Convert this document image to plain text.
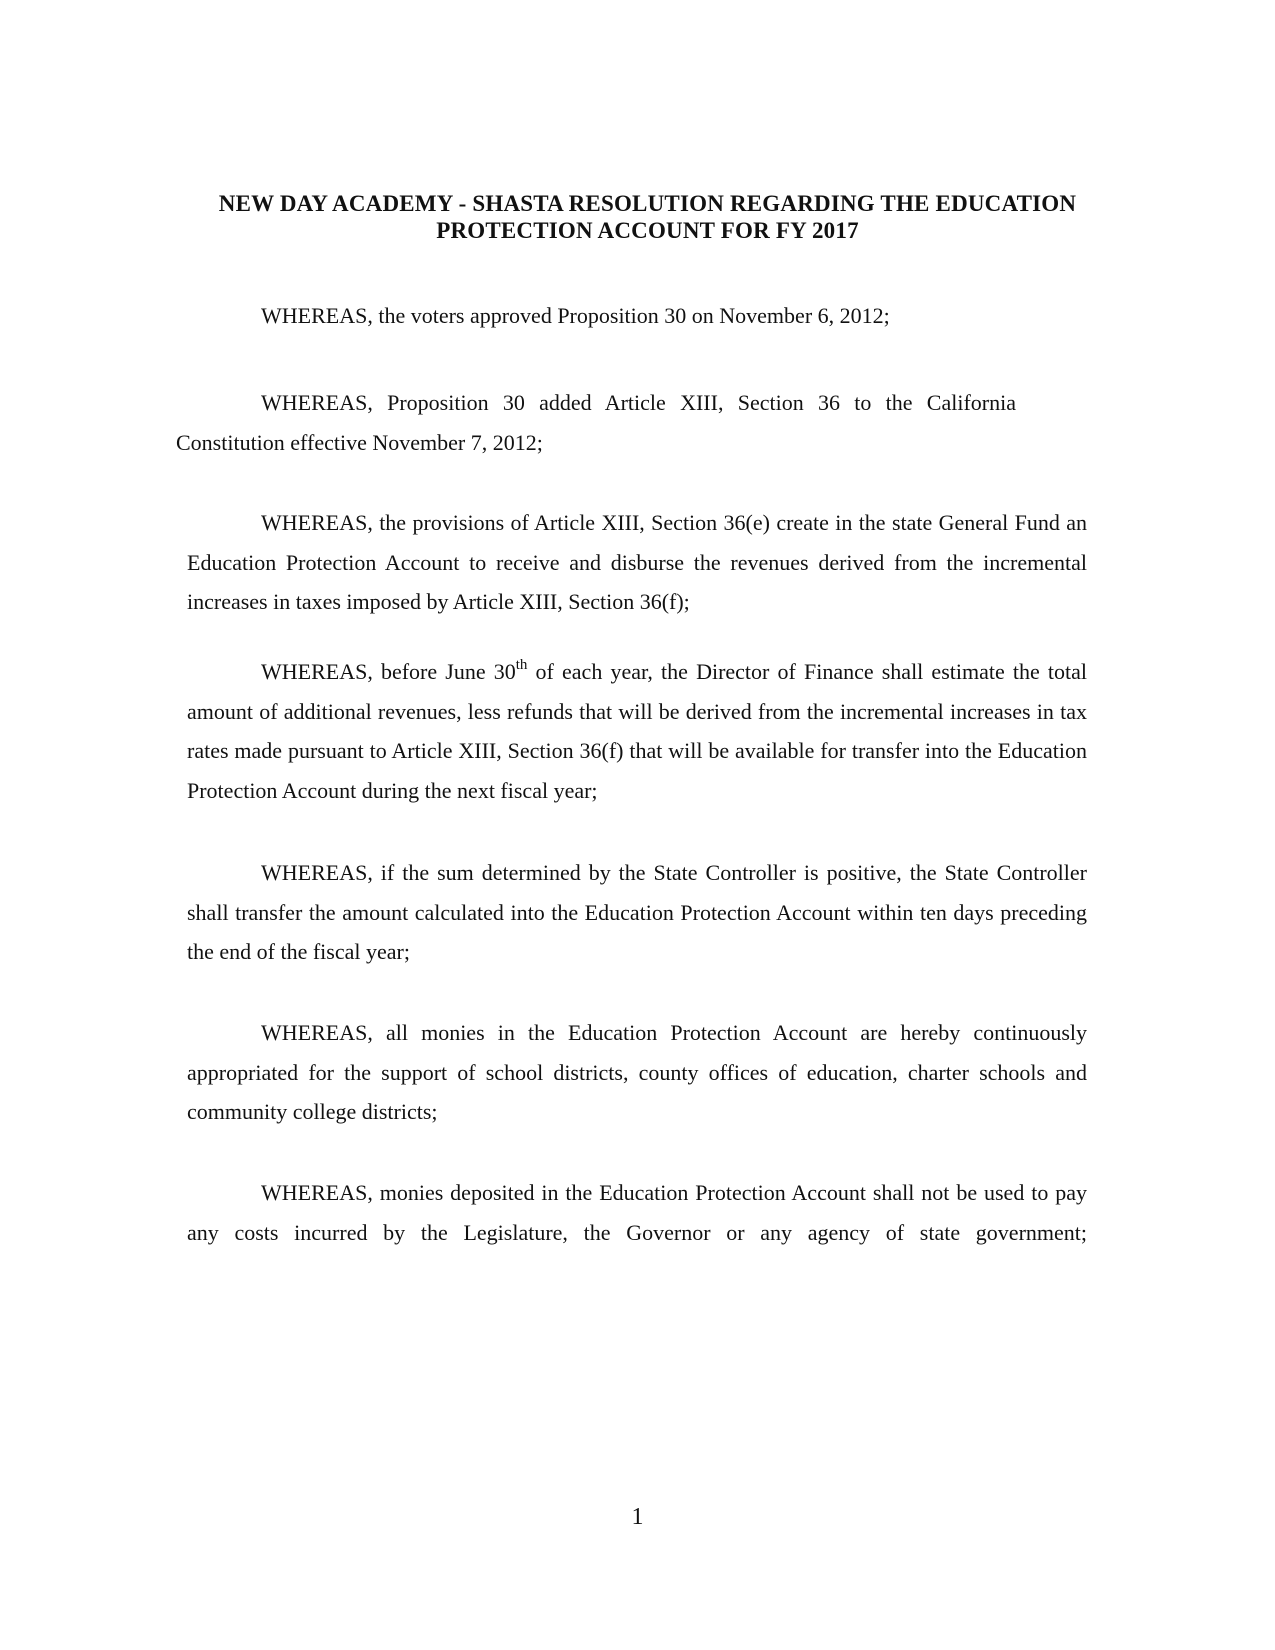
NEW DAY ACADEMY - SHASTA RESOLUTION REGARDING THE EDUCATION
PROTECTION ACCOUNT FOR FY 2017

WHEREAS, the voters approved Proposition 30 on November 6, 2012;

WHEREAS, Proposition 30 added Article XIII, Section 36 to the California Constitution effective November 7, 2012;

WHEREAS, the provisions of Article XIII, Section 36(e) create in the state General Fund an Education Protection Account to receive and disburse the revenues derived from the incremental increases in taxes imposed by Article XIII, Section 36(f);

WHEREAS, before June 30th of each year, the Director of Finance shall estimate the total amount of additional revenues, less refunds that will be derived from the incremental increases in tax rates made pursuant to Article XIII, Section 36(f) that will be available for transfer into the Education Protection Account during the next fiscal year;

WHEREAS, if the sum determined by the State Controller is positive, the State Controller shall transfer the amount calculated into the Education Protection Account within ten days preceding the end of the fiscal year;

WHEREAS, all monies in the Education Protection Account are hereby continuously appropriated for the support of school districts, county offices of education, charter schools and community college districts;

WHEREAS, monies deposited in the Education Protection Account shall not be used to pay any costs incurred by the Legislature, the Governor or any agency of state government;

1
